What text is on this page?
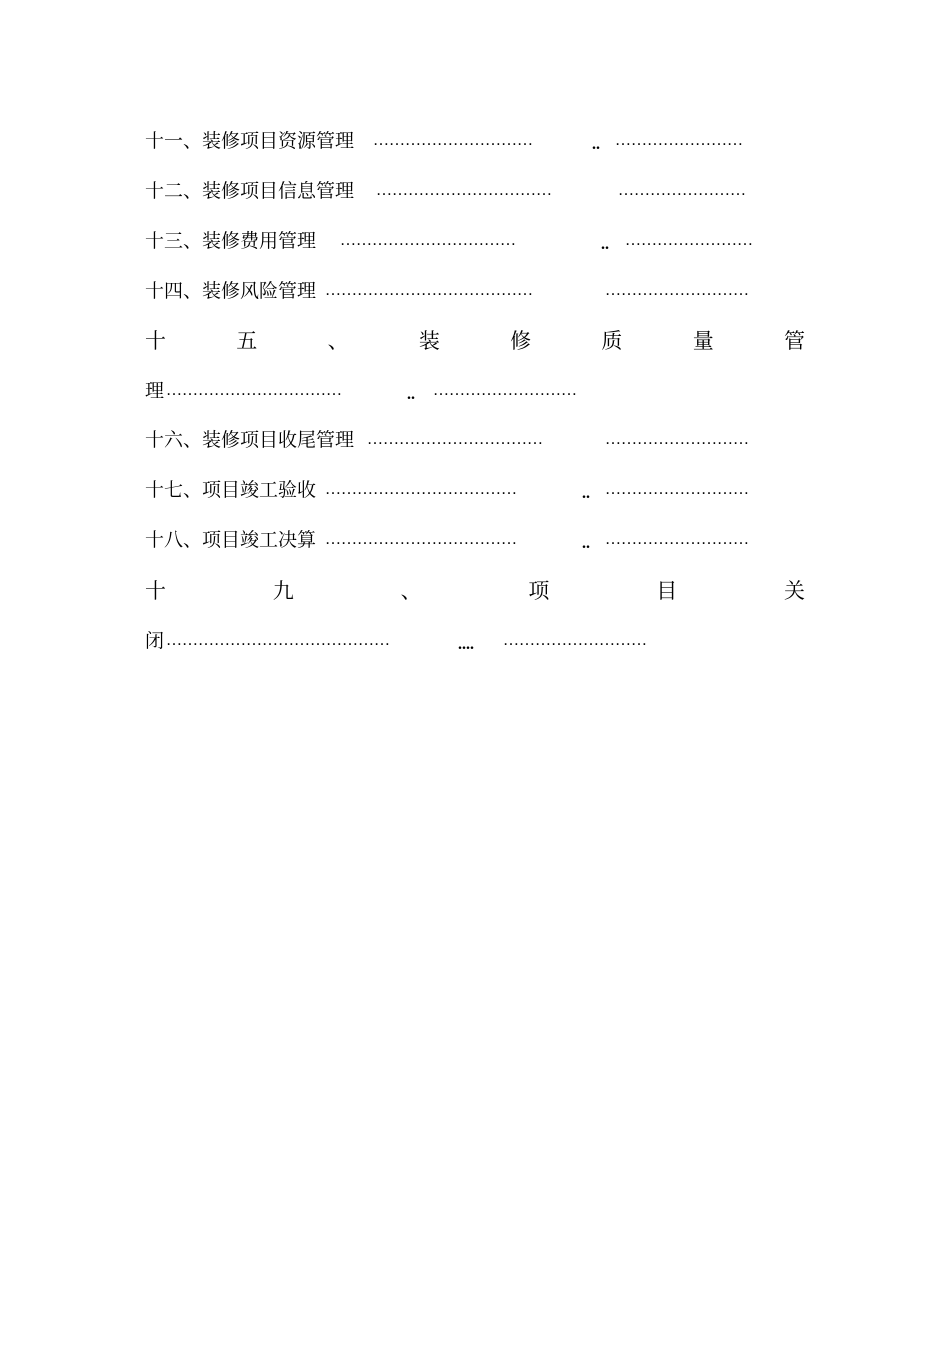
十一、装修项目资源管理 …………………………	.. ……………………
十二、装修项目信息管理 ……………………………	……………………
十三、装修费用管理 ……………………………	.. ……………………
十四、装修风险管理 …………………………………	………………………
十	五	、	装	修	质	量	管
理 ……………………………	.. ………………………
十六、装修项目收尾管理 ……………………………	………………………
十七、项目竣工验收 ………………………………	.. ………………………
十八、项目竣工决算 ………………………………	.. ………………………
十	九	、	项	目	关
闭 ……………………………………	.... ………………………
